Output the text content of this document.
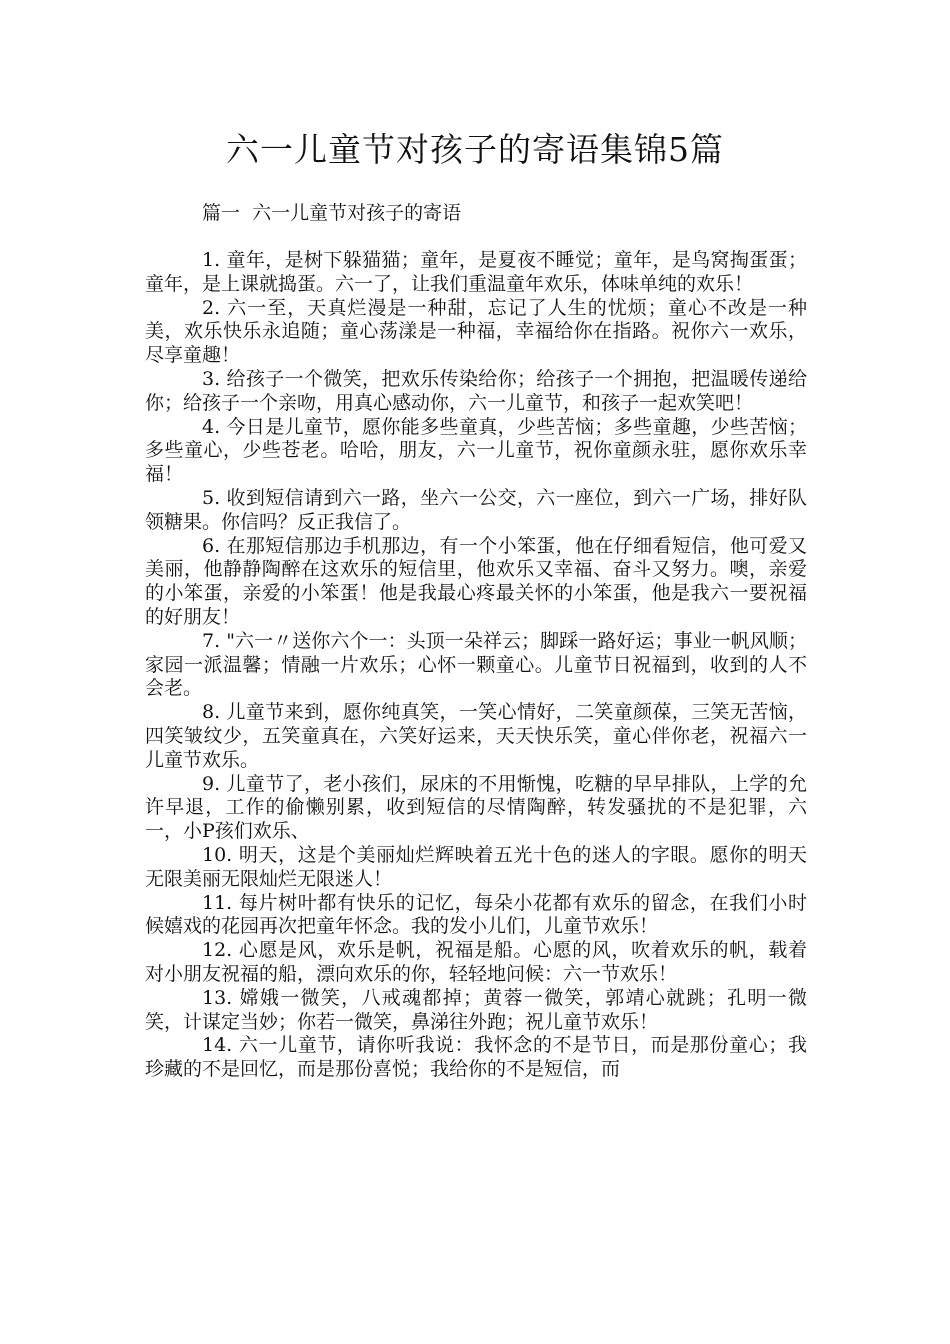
六一儿童节对孩子的寄语集锦5篇
篇一  六一儿童节对孩子的寄语

1. 童年，是树下躲猫猫；童年，是夏夜不睡觉；童年，是鸟窝掏蛋蛋；童年，是上课就捣蛋。六一了，让我们重温童年欢乐，体味单纯的欢乐！

2. 六一至，天真烂漫是一种甜，忘记了人生的忧烦；童心不改是一种美，欢乐快乐永追随；童心荡漾是一种福，幸福给你在指路。祝你六一欢乐，尽享童趣！

3. 给孩子一个微笑，把欢乐传染给你；给孩子一个拥抱，把温暖传递给你；给孩子一个亲吻，用真心感动你，六一儿童节，和孩子一起欢笑吧！

4. 今日是儿童节，愿你能多些童真，少些苦恼；多些童趣，少些苦恼；多些童心，少些苍老。哈哈，朋友，六一儿童节，祝你童颜永驻，愿你欢乐幸福！

5. 收到短信请到六一路，坐六一公交，六一座位，到六一广场，排好队领糖果。你信吗？反正我信了。

6. 在那短信那边手机那边，有一个小笨蛋，他在仔细看短信，他可爱又美丽，他静静陶醉在这欢乐的短信里，他欢乐又幸福、奋斗又努力。噢，亲爱的小笨蛋，亲爱的小笨蛋！他是我最心疼最关怀的小笨蛋，他是我六一要祝福的好朋友！

7. "六一〃送你六个一：头顶一朵祥云；脚踩一路好运；事业一帆风顺；家园一派温馨；情融一片欢乐；心怀一颗童心。儿童节日祝福到，收到的人不会老。

8. 儿童节来到，愿你纯真笑，一笑心情好，二笑童颜葆，三笑无苦恼，四笑皱纹少，五笑童真在，六笑好运来，天天快乐笑，童心伴你老，祝福六一儿童节欢乐。

9. 儿童节了，老小孩们，尿床的不用惭愧，吃糖的早早排队，上学的允许早退，工作的偷懒别累，收到短信的尽情陶醉，转发骚扰的不是犯罪，六一，小P孩们欢乐、

10. 明天，这是个美丽灿烂辉映着五光十色的迷人的字眼。愿你的明天无限美丽无限灿烂无限迷人！

11. 每片树叶都有快乐的记忆，每朵小花都有欢乐的留念，在我们小时候嬉戏的花园再次把童年怀念。我的发小儿们，儿童节欢乐！

12. 心愿是风，欢乐是帆，祝福是船。心愿的风，吹着欢乐的帆，载着对小朋友祝福的船，漂向欢乐的你，轻轻地问候：六一节欢乐！

13. 嫦娥一微笑，八戒魂都掉；黄蓉一微笑，郭靖心就跳；孔明一微笑，计谋定当妙；你若一微笑，鼻涕往外跑；祝儿童节欢乐！

14. 六一儿童节，请你听我说：我怀念的不是节日，而是那份童心；我珍藏的不是回忆，而是那份喜悦；我给你的不是短信，而
